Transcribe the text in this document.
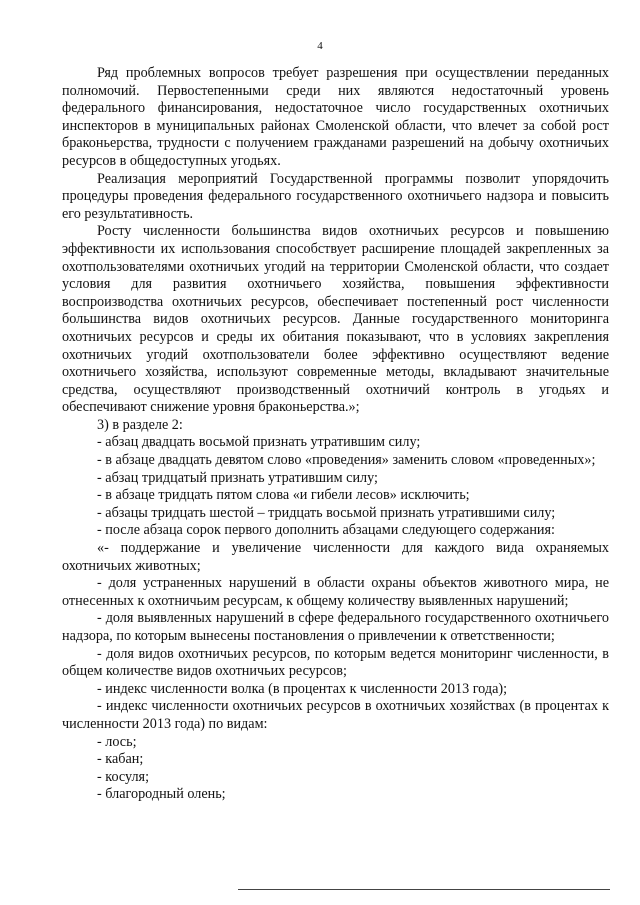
4

Ряд проблемных вопросов требует разрешения при осуществлении переданных полномочий. Первостепенными среди них являются недостаточный уровень федерального финансирования, недостаточное число государственных охотничьих инспекторов в муниципальных районах Смоленской области, что влечет за собой рост браконьерства, трудности с получением гражданами разрешений на добычу охотничьих ресурсов в общедоступных угодьях.

Реализация мероприятий Государственной программы позволит упорядочить процедуры проведения федерального государственного охотничьего надзора и повысить его результативность.

Росту численности большинства видов охотничьих ресурсов и повышению эффективности их использования способствует расширение площадей закрепленных за охотпользователями охотничьих угодий на территории Смоленской области, что создает условия для развития охотничьего хозяйства, повышения эффективности воспроизводства охотничьих ресурсов, обеспечивает постепенный рост численности большинства видов охотничьих ресурсов. Данные государственного мониторинга охотничьих ресурсов и среды их обитания показывают, что в условиях закрепления охотничьих угодий охотпользователи более эффективно осуществляют ведение охотничьего хозяйства, используют современные методы, вкладывают значительные средства, осуществляют производственный охотничий контроль в угодьях и обеспечивают снижение уровня браконьерства.»;

3) в разделе 2:

- абзац двадцать восьмой признать утратившим силу;

- в абзаце двадцать девятом слово «проведения» заменить словом «проведенных»;

- абзац тридцатый признать утратившим силу;

- в абзаце тридцать пятом слова «и гибели лесов» исключить;

- абзацы тридцать шестой – тридцать восьмой признать утратившими силу;

- после абзаца сорок первого дополнить абзацами следующего содержания:

«- поддержание и увеличение численности для каждого вида охраняемых охотничьих животных;

- доля устраненных нарушений в области охраны объектов животного мира, не отнесенных к охотничьим ресурсам, к общему количеству выявленных нарушений;

- доля выявленных нарушений в сфере федерального государственного охотничьего надзора, по которым вынесены постановления о привлечении к ответственности;

- доля видов охотничьих ресурсов, по которым ведется мониторинг численности, в общем количестве видов охотничьих ресурсов;

- индекс численности волка (в процентах к численности 2013 года);

- индекс численности охотничьих ресурсов в охотничьих хозяйствах (в процентах к численности 2013 года) по видам:

- лось;

- кабан;

- косуля;

- благородный олень;
